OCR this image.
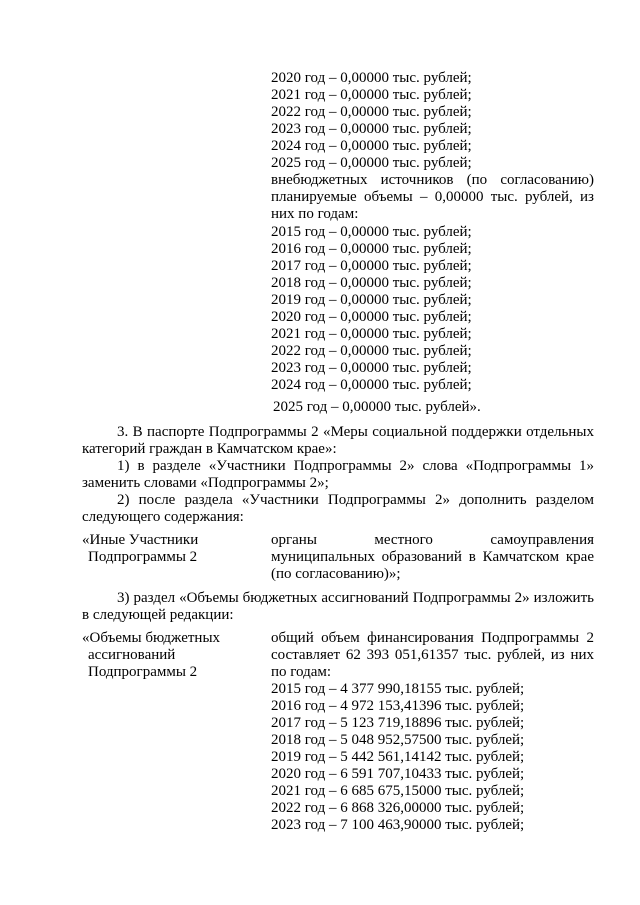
2020 год – 0,00000 тыс. рублей;
2021 год – 0,00000 тыс. рублей;
2022 год – 0,00000 тыс. рублей;
2023 год – 0,00000 тыс. рублей;
2024 год – 0,00000 тыс. рублей;
2025 год – 0,00000 тыс. рублей;
внебюджетных источников (по согласованию)
планируемые объемы – 0,00000 тыс. рублей, из
них по годам:
2015 год – 0,00000 тыс. рублей;
2016 год – 0,00000 тыс. рублей;
2017 год – 0,00000 тыс. рублей;
2018 год – 0,00000 тыс. рублей;
2019 год – 0,00000 тыс. рублей;
2020 год – 0,00000 тыс. рублей;
2021 год – 0,00000 тыс. рублей;
2022 год – 0,00000 тыс. рублей;
2023 год – 0,00000 тыс. рублей;
2024 год – 0,00000 тыс. рублей;
2025 год – 0,00000 тыс. рублей».
3. В паспорте Подпрограммы 2 «Меры социальной поддержки отдельных
категорий граждан в Камчатском крае»:
1) в разделе «Участники Подпрограммы 2» слова «Подпрограммы 1»
заменить словами «Подпрограммы 2»;
2) после раздела «Участники Подпрограммы 2» дополнить разделом
следующего содержания:
«Иные Участники
Подпрограммы 2
органы местного самоуправления
муниципальных образований в Камчатском крае
(по согласованию)»;
3) раздел «Объемы бюджетных ассигнований Подпрограммы 2» изложить
в следующей редакции:
«Объемы бюджетных
ассигнований
Подпрограммы 2
общий объем финансирования Подпрограммы 2
составляет 62 393 051,61357 тыс. рублей, из них
по годам:
2015 год – 4 377 990,18155 тыс. рублей;
2016 год – 4 972 153,41396 тыс. рублей;
2017 год – 5 123 719,18896 тыс. рублей;
2018 год – 5 048 952,57500 тыс. рублей;
2019 год – 5 442 561,14142 тыс. рублей;
2020 год – 6 591 707,10433 тыс. рублей;
2021 год – 6 685 675,15000 тыс. рублей;
2022 год – 6 868 326,00000 тыс. рублей;
2023 год – 7 100 463,90000 тыс. рублей;
